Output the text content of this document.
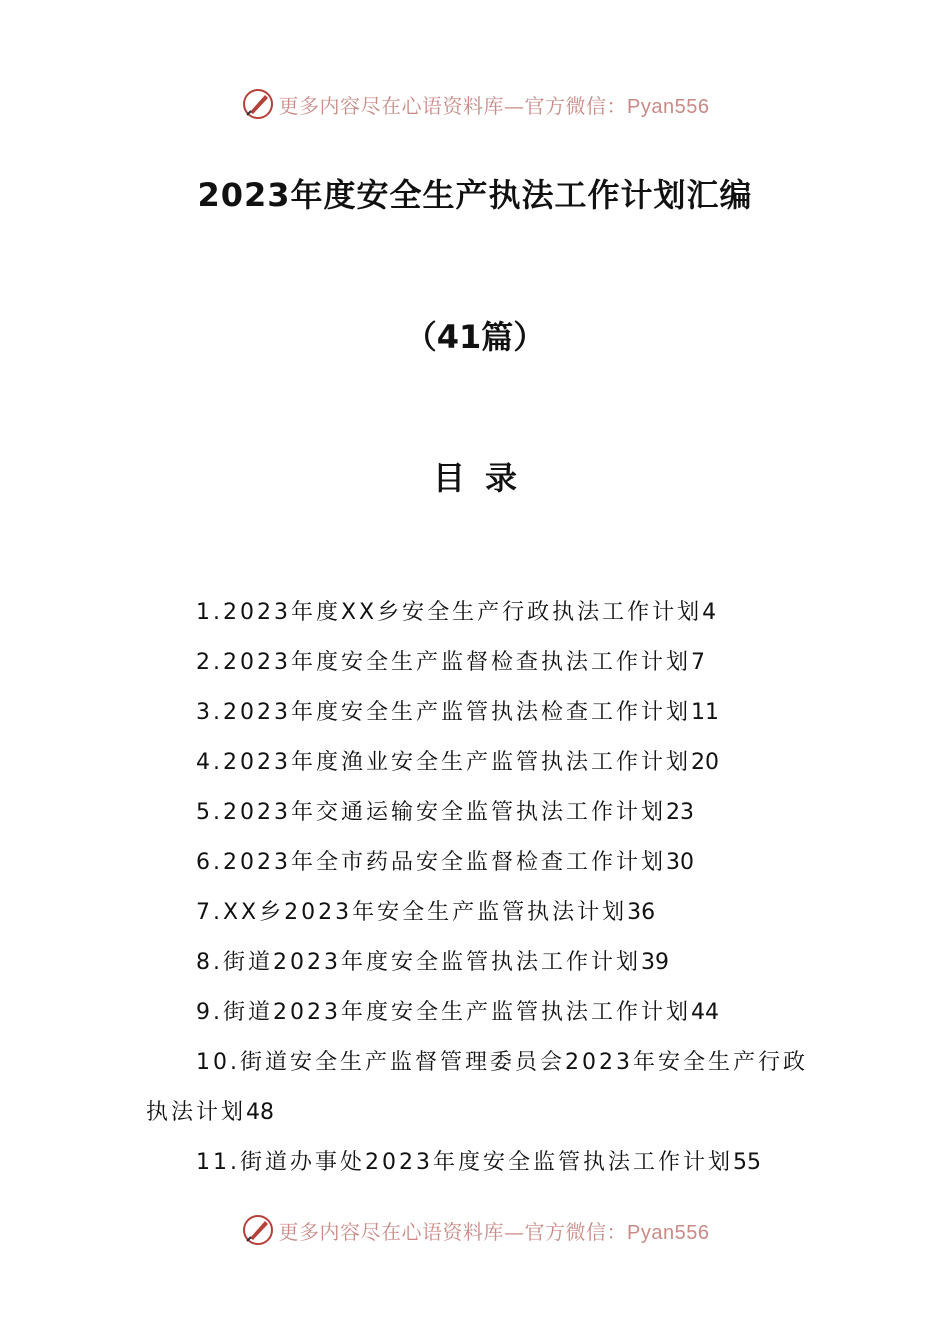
更多内容尽在心语资料库—官方微信：Pyan556
2023年度安全生产执法工作计划汇编
（41篇）
目录

1.2023年度XX乡安全生产行政执法工作计划4

2.2023年度安全生产监督检查执法工作计划7

3.2023年度安全生产监管执法检查工作计划11

4.2023年度渔业安全生产监管执法工作计划20

5.2023年交通运输安全监管执法工作计划23

6.2023年全市药品安全监督检查工作计划30

7.XX乡2023年安全生产监管执法计划36

8.街道2023年度安全监管执法工作计划39

9.街道2023年度安全生产监管执法工作计划44

10.街道安全生产监督管理委员会2023年安全生产行政执法计划48

11.街道办事处2023年度安全监管执法工作计划55

更多内容尽在心语资料库—官方微信：Pyan556
